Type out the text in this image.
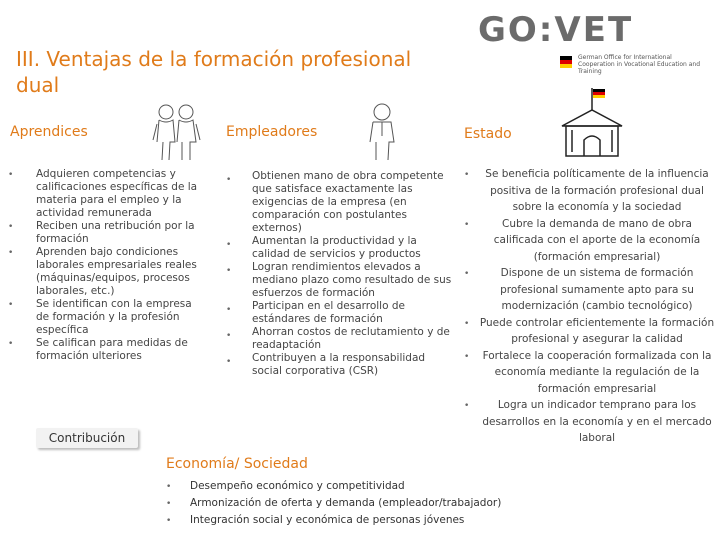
III. Ventajas de la formación profesional dual
GO:VET
German Office for International Cooperation in Vocational Education and Training
Aprendices	Empleadores	Estado
• Adquieren competencias y calificaciones específicas de la materia para el empleo y la actividad remunerada
• Reciben una retribución por la formación
• Aprenden bajo condiciones laborales empresariales reales (máquinas/equipos, procesos laborales, etc.)
• Se identifican con la empresa de formación y la profesión específica
• Se califican para medidas de formación ulteriores
• Obtienen mano de obra competente que satisface exactamente las exigencias de la empresa (en comparación con postulantes externos)
• Aumentan la productividad y la calidad de servicios y productos
• Logran rendimientos elevados a mediano plazo como resultado de sus esfuerzos de formación
• Participan en el desarrollo de estándares de formación
• Ahorran costos de reclutamiento y de readaptación
• Contribuyen a la responsabilidad social corporativa (CSR)
• Se beneficia políticamente de la influencia positiva de la formación profesional dual sobre la economía y la sociedad
•	Cubre la demanda de mano de obra calificada con el aporte de la economía (formación empresarial)
•	Dispone de un sistema de formación profesional sumamente apto para su modernización (cambio tecnológico)
• Puede controlar eficientemente la formación profesional y asegurar la calidad
• Fortalece la cooperación formalizada con la economía mediante la regulación de la formación empresarial
•	Logra un indicador temprano para los desarrollos en la economía y en el mercado laboral
Contribución
Economía/ Sociedad
• Desempeño económico y competitividad
• Armonización de oferta y demanda (empleador/trabajador)
• Integración social y económica de personas jóvenes
